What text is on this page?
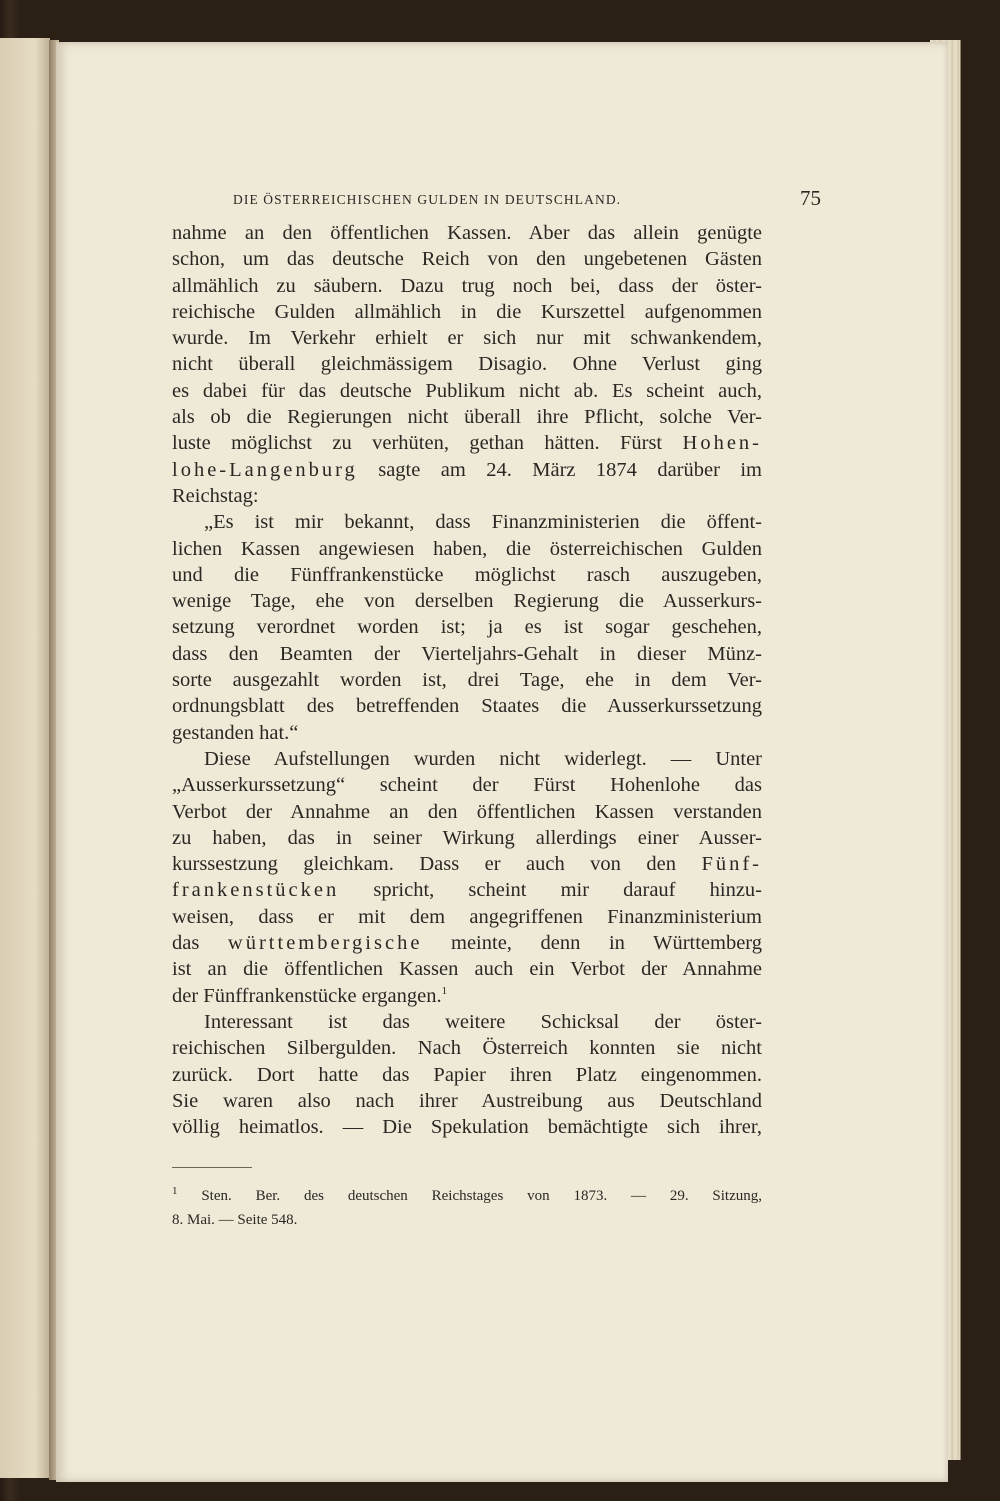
DIE ÖSTERREICHISCHEN GULDEN IN DEUTSCHLAND.	75
nahme an den öffentlichen Kassen. Aber das allein genügte
schon, um das deutsche Reich von den ungebetenen Gästen
allmählich zu säubern. Dazu trug noch bei, dass der öster-
reichische Gulden allmählich in die Kurszettel aufgenommen
wurde. Im Verkehr erhielt er sich nur mit schwankendem,
nicht überall gleichmässigem Disagio. Ohne Verlust ging
es dabei für das deutsche Publikum nicht ab. Es scheint auch,
als ob die Regierungen nicht überall ihre Pflicht, solche Ver-
luste möglichst zu verhüten, gethan hätten. Fürst Hohen-
lohe-Langenburg sagte am 24. März 1874 darüber im
Reichstag:
„Es ist mir bekannt, dass Finanzministerien die öffent-
lichen Kassen angewiesen haben, die österreichischen Gulden
und die Fünffrankenstücke möglichst rasch auszugeben,
wenige Tage, ehe von derselben Regierung die Ausserkurs-
setzung verordnet worden ist; ja es ist sogar geschehen,
dass den Beamten der Vierteljahrs-Gehalt in dieser Münz-
sorte ausgezahlt worden ist, drei Tage, ehe in dem Ver-
ordnungsblatt des betreffenden Staates die Ausserkurssetzung
gestanden hat.“
Diese Aufstellungen wurden nicht widerlegt. — Unter
„Ausserkurssetzung“ scheint der Fürst Hohenlohe das
Verbot der Annahme an den öffentlichen Kassen verstanden
zu haben, das in seiner Wirkung allerdings einer Ausser-
kurssestzung gleichkam. Dass er auch von den Fünf-
frankenstücken spricht, scheint mir darauf hinzu-
weisen, dass er mit dem angegriffenen Finanzministerium
das württembergische meinte, denn in Württemberg
ist an die öffentlichen Kassen auch ein Verbot der Annahme
der Fünffrankenstücke ergangen.$^1$
Interessant ist das weitere Schicksal der öster-
reichischen Silbergulden. Nach Österreich konnten sie nicht
zurück. Dort hatte das Papier ihren Platz eingenommen.
Sie waren also nach ihrer Austreibung aus Deutschland
völlig heimatlos. — Die Spekulation bemächtigte sich ihrer,
$^1$ Sten. Ber. des deutschen Reichstages von 1873. — 29. Sitzung,
8. Mai. — Seite 548.
